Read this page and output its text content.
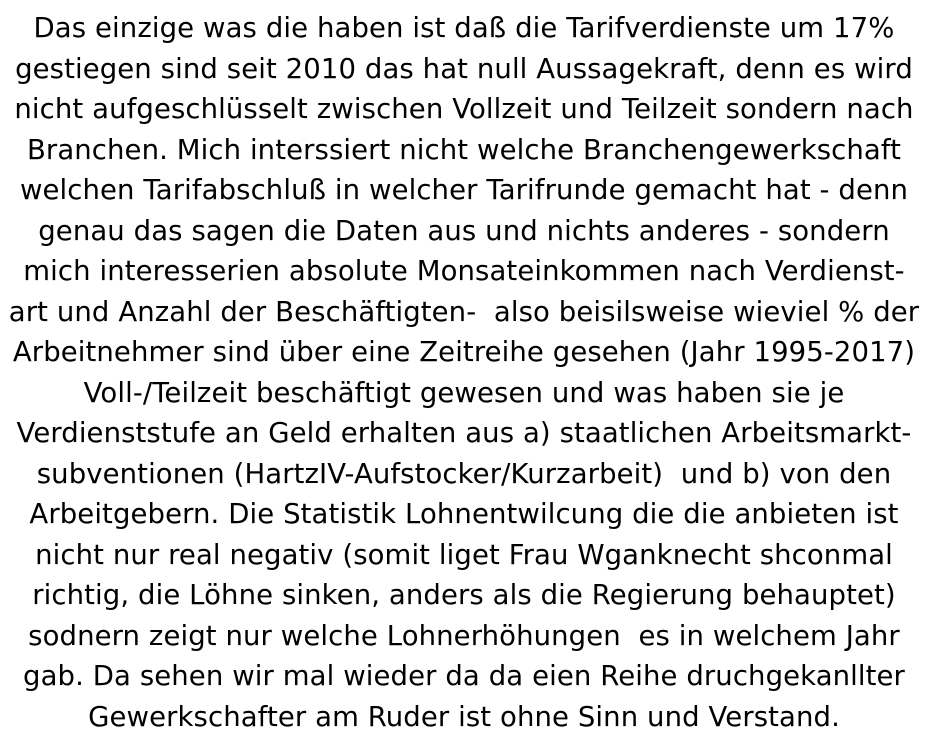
Das einzige was die haben ist daß die Tarifverdienste um 17%
gestiegen sind seit 2010 das hat null Aussagekraft, denn es wird
nicht aufgeschlüsselt zwischen Vollzeit und Teilzeit sondern nach
Branchen. Mich interssiert nicht welche Branchengewerkschaft
welchen Tarifabschluß in welcher Tarifrunde gemacht hat - denn
genau das sagen die Daten aus und nichts anderes - sondern
mich interesserien absolute Monsateinkommen nach Verdienst-
art und Anzahl der Beschäftigten-  also beisilsweise wieviel % der
Arbeitnehmer sind über eine Zeitreihe gesehen (Jahr 1995-2017)
Voll-/Teilzeit beschäftigt gewesen und was haben sie je
Verdienststufe an Geld erhalten aus a) staatlichen Arbeitsmarkt-
subventionen (HartzIV-Aufstocker/Kurzarbeit)  und b) von den
Arbeitgebern. Die Statistik Lohnentwilcung die die anbieten ist
nicht nur real negativ (somit liget Frau Wganknecht shconmal
richtig, die Löhne sinken, anders als die Regierung behauptet)
sodnern zeigt nur welche Lohnerhöhungen  es in welchem Jahr
gab. Da sehen wir mal wieder da da eien Reihe druchgekanllter
Gewerkschafter am Ruder ist ohne Sinn und Verstand.
